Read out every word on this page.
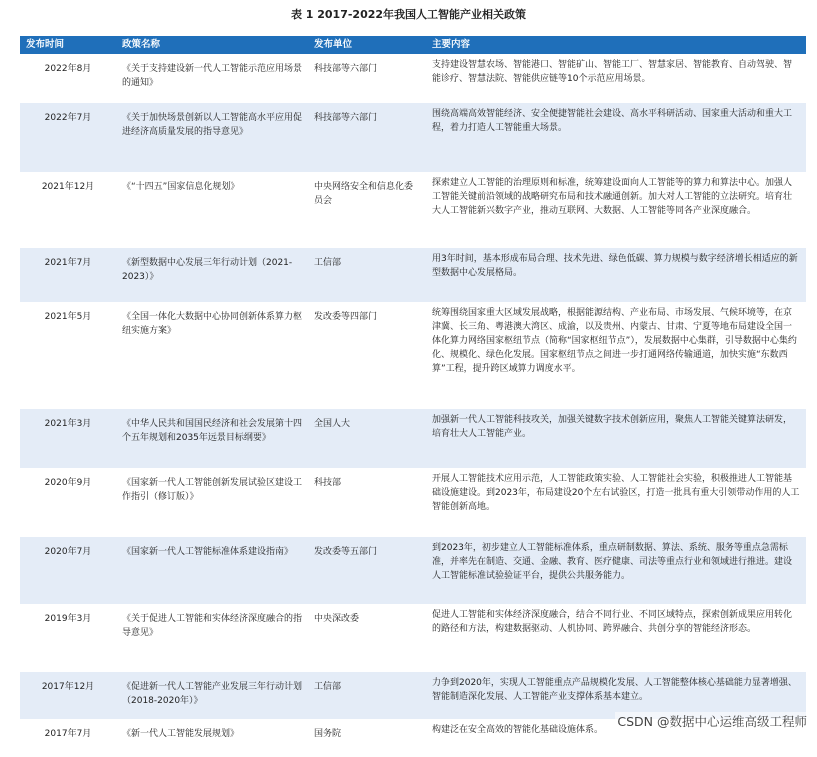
表 1 2017-2022年我国人工智能产业相关政策
发布时间	政策名称	发布单位	主要内容
2022年8月	《关于支持建设新一代人工智能示范应用场景的通知》	科技部等六部门	支持建设智慧农场、智能港口、智能矿山、智能工厂、智慧家居、智能教育、自动驾驶、智能诊疗、智慧法院、智能供应链等10个示范应用场景。
2022年7月	《关于加快场景创新以人工智能高水平应用促进经济高质量发展的指导意见》	科技部等六部门	围绕高端高效智能经济、安全便捷智能社会建设、高水平科研活动、国家重大活动和重大工程，着力打造人工智能重大场景。
2021年12月	《“十四五”国家信息化规划》	中央网络安全和信息化委员会	探索建立人工智能的治理原则和标准，统筹建设面向人工智能等的算力和算法中心。加强人工智能关键前沿领域的战略研究布局和技术融通创新。加大对人工智能的立法研究。培育壮大人工智能新兴数字产业，推动互联网、大数据、人工智能等同各产业深度融合。
2021年7月	《新型数据中心发展三年行动计划（2021-2023）》	工信部	用3年时间，基本形成布局合理、技术先进、绿色低碳、算力规模与数字经济增长相适应的新型数据中心发展格局。
2021年5月	《全国一体化大数据中心协同创新体系算力枢纽实施方案》	发改委等四部门	统筹围绕国家重大区域发展战略，根据能源结构、产业布局、市场发展、气候环境等，在京津冀、长三角、粤港澳大湾区、成渝，以及贵州、内蒙古、甘肃、宁夏等地布局建设全国一体化算力网络国家枢纽节点（简称“国家枢纽节点”），发展数据中心集群，引导数据中心集约化、规模化、绿色化发展。国家枢纽节点之间进一步打通网络传输通道，加快实施“东数西算”工程，提升跨区域算力调度水平。
2021年3月	《中华人民共和国国民经济和社会发展第十四个五年规划和2035年远景目标纲要》	全国人大	加强新一代人工智能科技攻关，加强关键数字技术创新应用，聚焦人工智能关键算法研发，培育壮大人工智能产业。
2020年9月	《国家新一代人工智能创新发展试验区建设工作指引（修订版）》	科技部	开展人工智能技术应用示范，人工智能政策实验、人工智能社会实验，积极推进人工智能基础设施建设。到2023年，布局建设20个左右试验区，打造一批具有重大引领带动作用的人工智能创新高地。
2020年7月	《国家新一代人工智能标准体系建设指南》	发改委等五部门	到2023年，初步建立人工智能标准体系，重点研制数据、算法、系统、服务等重点急需标准，并率先在制造、交通、金融、教育、医疗健康、司法等重点行业和领域进行推进。建设人工智能标准试验验证平台，提供公共服务能力。
2019年3月	《关于促进人工智能和实体经济深度融合的指导意见》	中央深改委	促进人工智能和实体经济深度融合，结合不同行业、不同区域特点，探索创新成果应用转化的路径和方法，构建数据驱动、人机协同、跨界融合、共创分享的智能经济形态。
2017年12月	《促进新一代人工智能产业发展三年行动计划（2018-2020年）》	工信部	力争到2020年，实现人工智能重点产品规模化发展、人工智能整体核心基础能力显著增强、智能制造深化发展、人工智能产业支撑体系基本建立。
2017年7月	《新一代人工智能发展规划》	国务院	构建泛在安全高效的智能化基础设施体系。
CSDN @数据中心运维高级工程师
